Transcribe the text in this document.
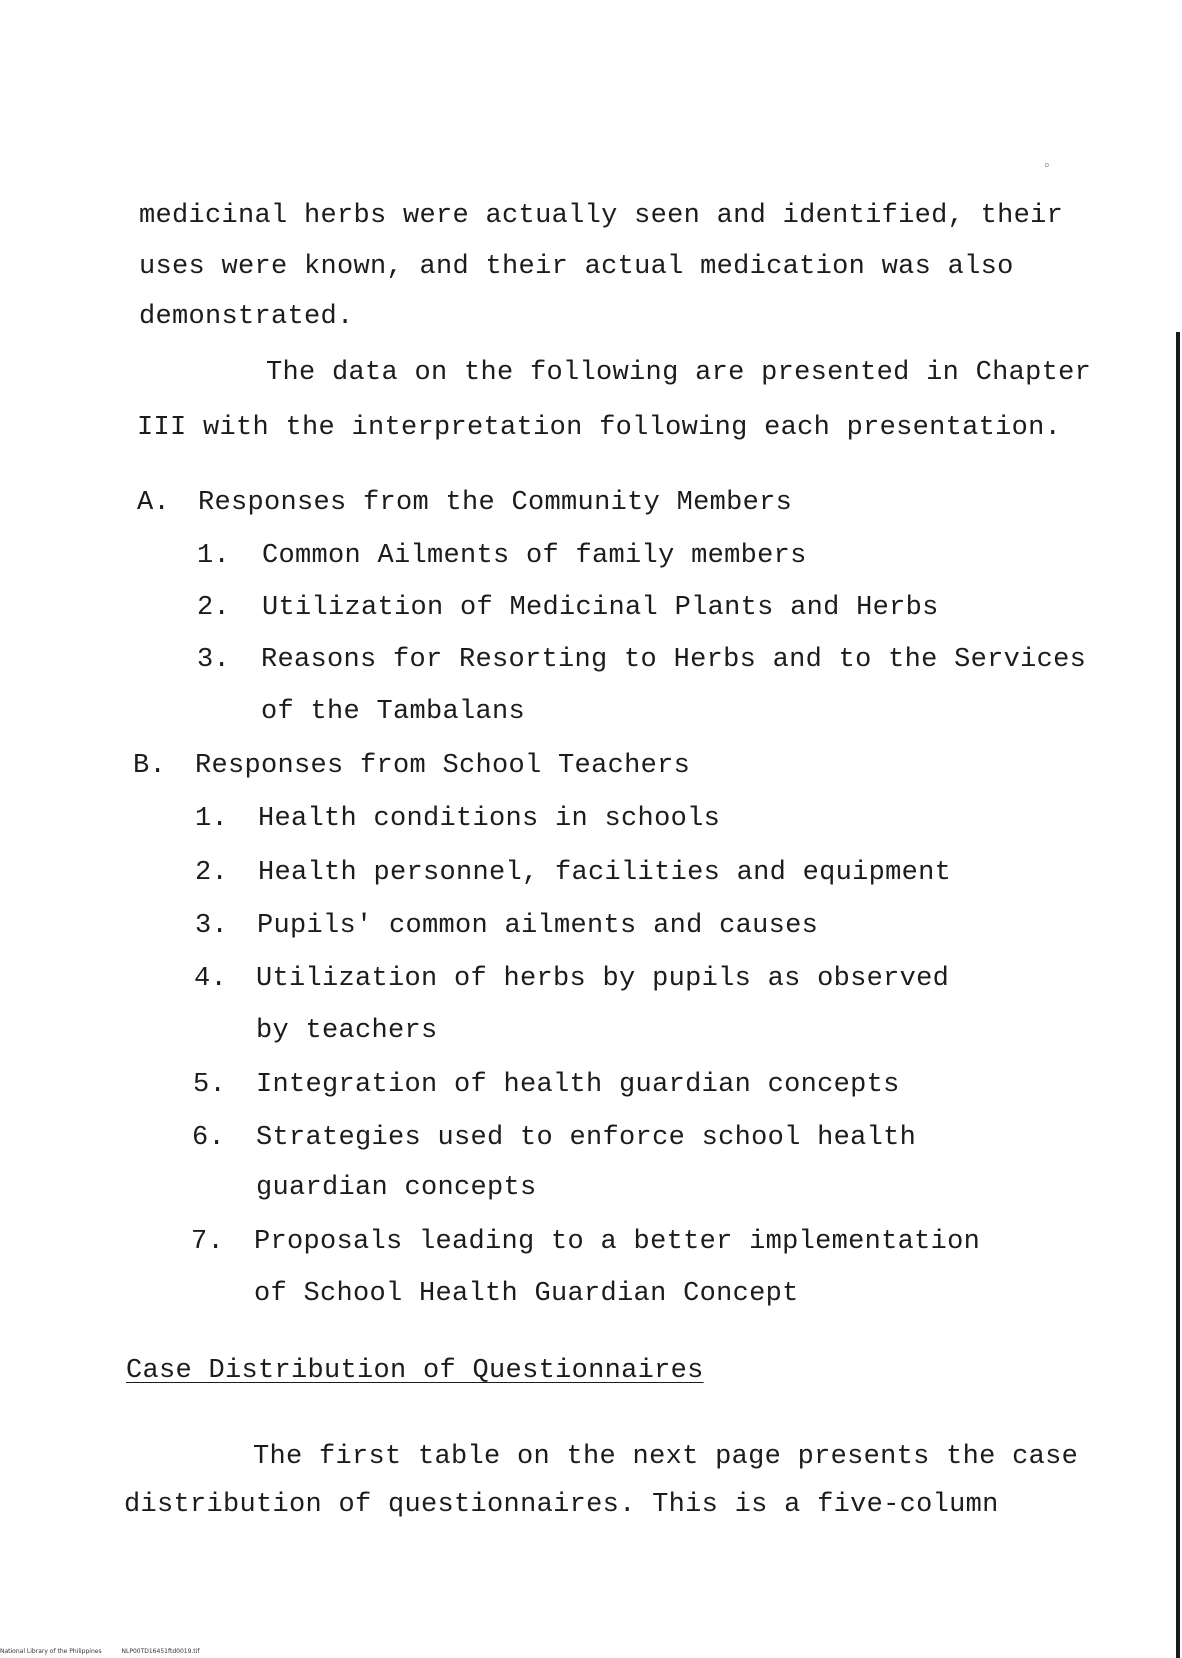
◦
medicinal herbs were actually seen and identified, their
uses were known, and their actual medication was also
demonstrated.
The data on the following are presented in Chapter
III with the interpretation following each presentation.
A. Responses from the Community Members
1. Common Ailments of family members
2. Utilization of Medicinal Plants and Herbs
3. Reasons for Resorting to Herbs and to the Services
of the Tambalans
B. Responses from School Teachers
1. Health conditions in schools
2. Health personnel, facilities and equipment
3. Pupils' common ailments and causes
4. Utilization of herbs by pupils as observed
by teachers
5. Integration of health guardian concepts
6. Strategies used to enforce school health
guardian concepts
7. Proposals leading to a better implementation
of School Health Guardian Concept
Case Distribution of Questionnaires
The first table on the next page presents the case
distribution of questionnaires. This is a five-column
National Library of the Philippines	NLP00TD16451ftd0019.tif
